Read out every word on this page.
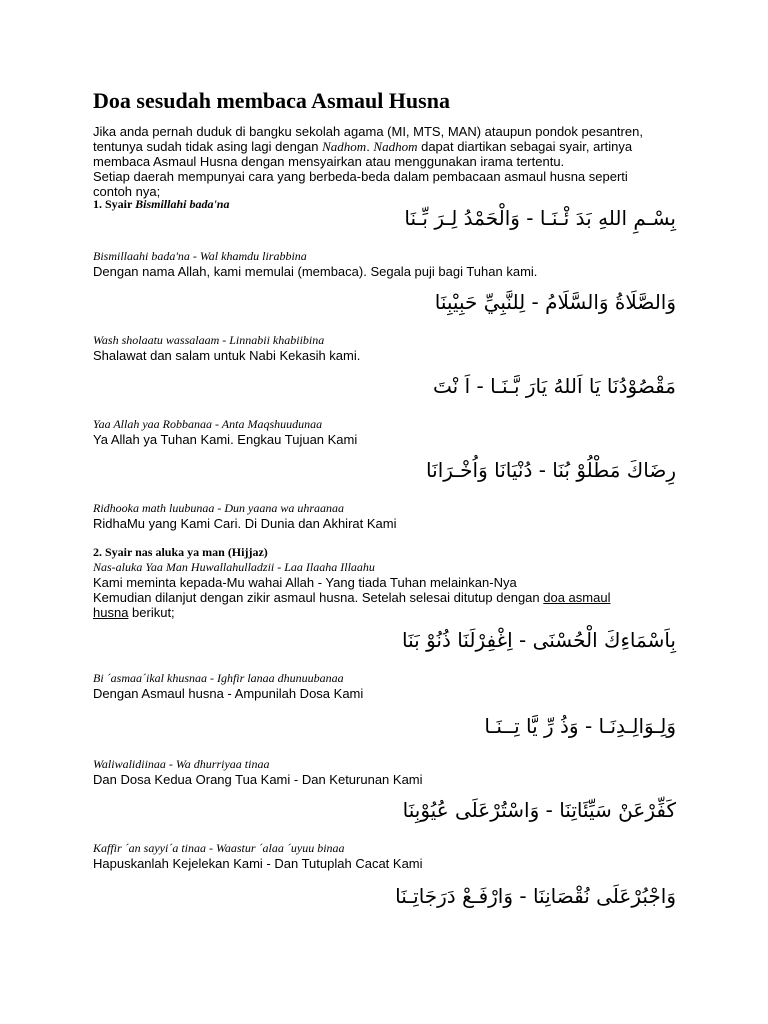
Doa sesudah membaca Asmaul Husna
Jika anda pernah duduk di bangku sekolah agama (MI, MTS, MAN) ataupun pondok pesantren,
tentunya sudah tidak asing lagi dengan Nadhom. Nadhom dapat diartikan sebagai syair, artinya
membaca Asmaul Husna dengan mensyairkan atau menggunakan irama tertentu.
Setiap daerah mempunyai cara yang berbeda-beda dalam pembacaan asmaul husna seperti
contoh nya;
1. Syair Bismillahi bada'na
بِسْـمِ اللهِ بَدَ ئْـنَـا - وَالْحَمْدُ لِـرَ بِّـنَا
Bismillaahi bada'na - Wal khamdu lirabbina
Dengan nama Allah, kami memulai (membaca). Segala puji bagi Tuhan kami.
وَالصَّلَاةُ وَالسَّلَامُ - لِلنَّبِيِّ حَبِيْبِنَا
Wash sholaatu wassalaam - Linnabii khabiibina
Shalawat dan salam untuk Nabi Kekasih kami.
مَقْصُوْدُنَا يَا اَللهُ يَارَ بَّـنَـا - اَ نْتَ
Yaa Allah yaa Robbanaa - Anta Maqshuudunaa
Ya Allah ya Tuhan Kami. Engkau Tujuan Kami
رِضَاكَ مَطْلُوْ بُنَا - دُنْيَانَا وَاُخْـرَانَا
Ridhooka math luubunaa - Dun yaana wa uhraanaa
RidhaMu yang Kami Cari. Di Dunia dan Akhirat Kami
2. Syair nas aluka ya man (Hijjaz)
Nas-aluka Yaa Man Huwallahulladzii - Laa Ilaaha Illaahu
Kami meminta kepada-Mu wahai Allah - Yang tiada Tuhan melainkan-Nya
Kemudian dilanjut dengan zikir asmaul husna. Setelah selesai ditutup dengan doa asmaul
husna berikut;
بِاَسْمَاءِكَ الْحُسْنَى - اِغْفِرْلَنَا ذُنُوْ بَنَا
Bi ´asmaa´ikal khusnaa - Ighfir lanaa dhunuubanaa
Dengan Asmaul husna - Ampunilah Dosa Kami
وَلِـوَالِـدِنَـا - وَذُ رِّ يَّا تِــنَـا
Waliwalidiinaa - Wa dhurriyaa tinaa
Dan Dosa Kedua Orang Tua Kami - Dan Keturunan Kami
كَفِّرْعَنْ سَيِّئَاتِنَا - وَاسْتُرْعَلَى عُيُوْبِنَا
Kaffir ´an sayyi´a tinaa - Waastur ´alaa ´uyuu binaa
Hapuskanlah Kejelekan Kami - Dan Tutuplah Cacat Kami
وَاجْبُرْعَلَى نُقْصَانِنَا - وَارْفَـعْ دَرَجَاتِـنَا
